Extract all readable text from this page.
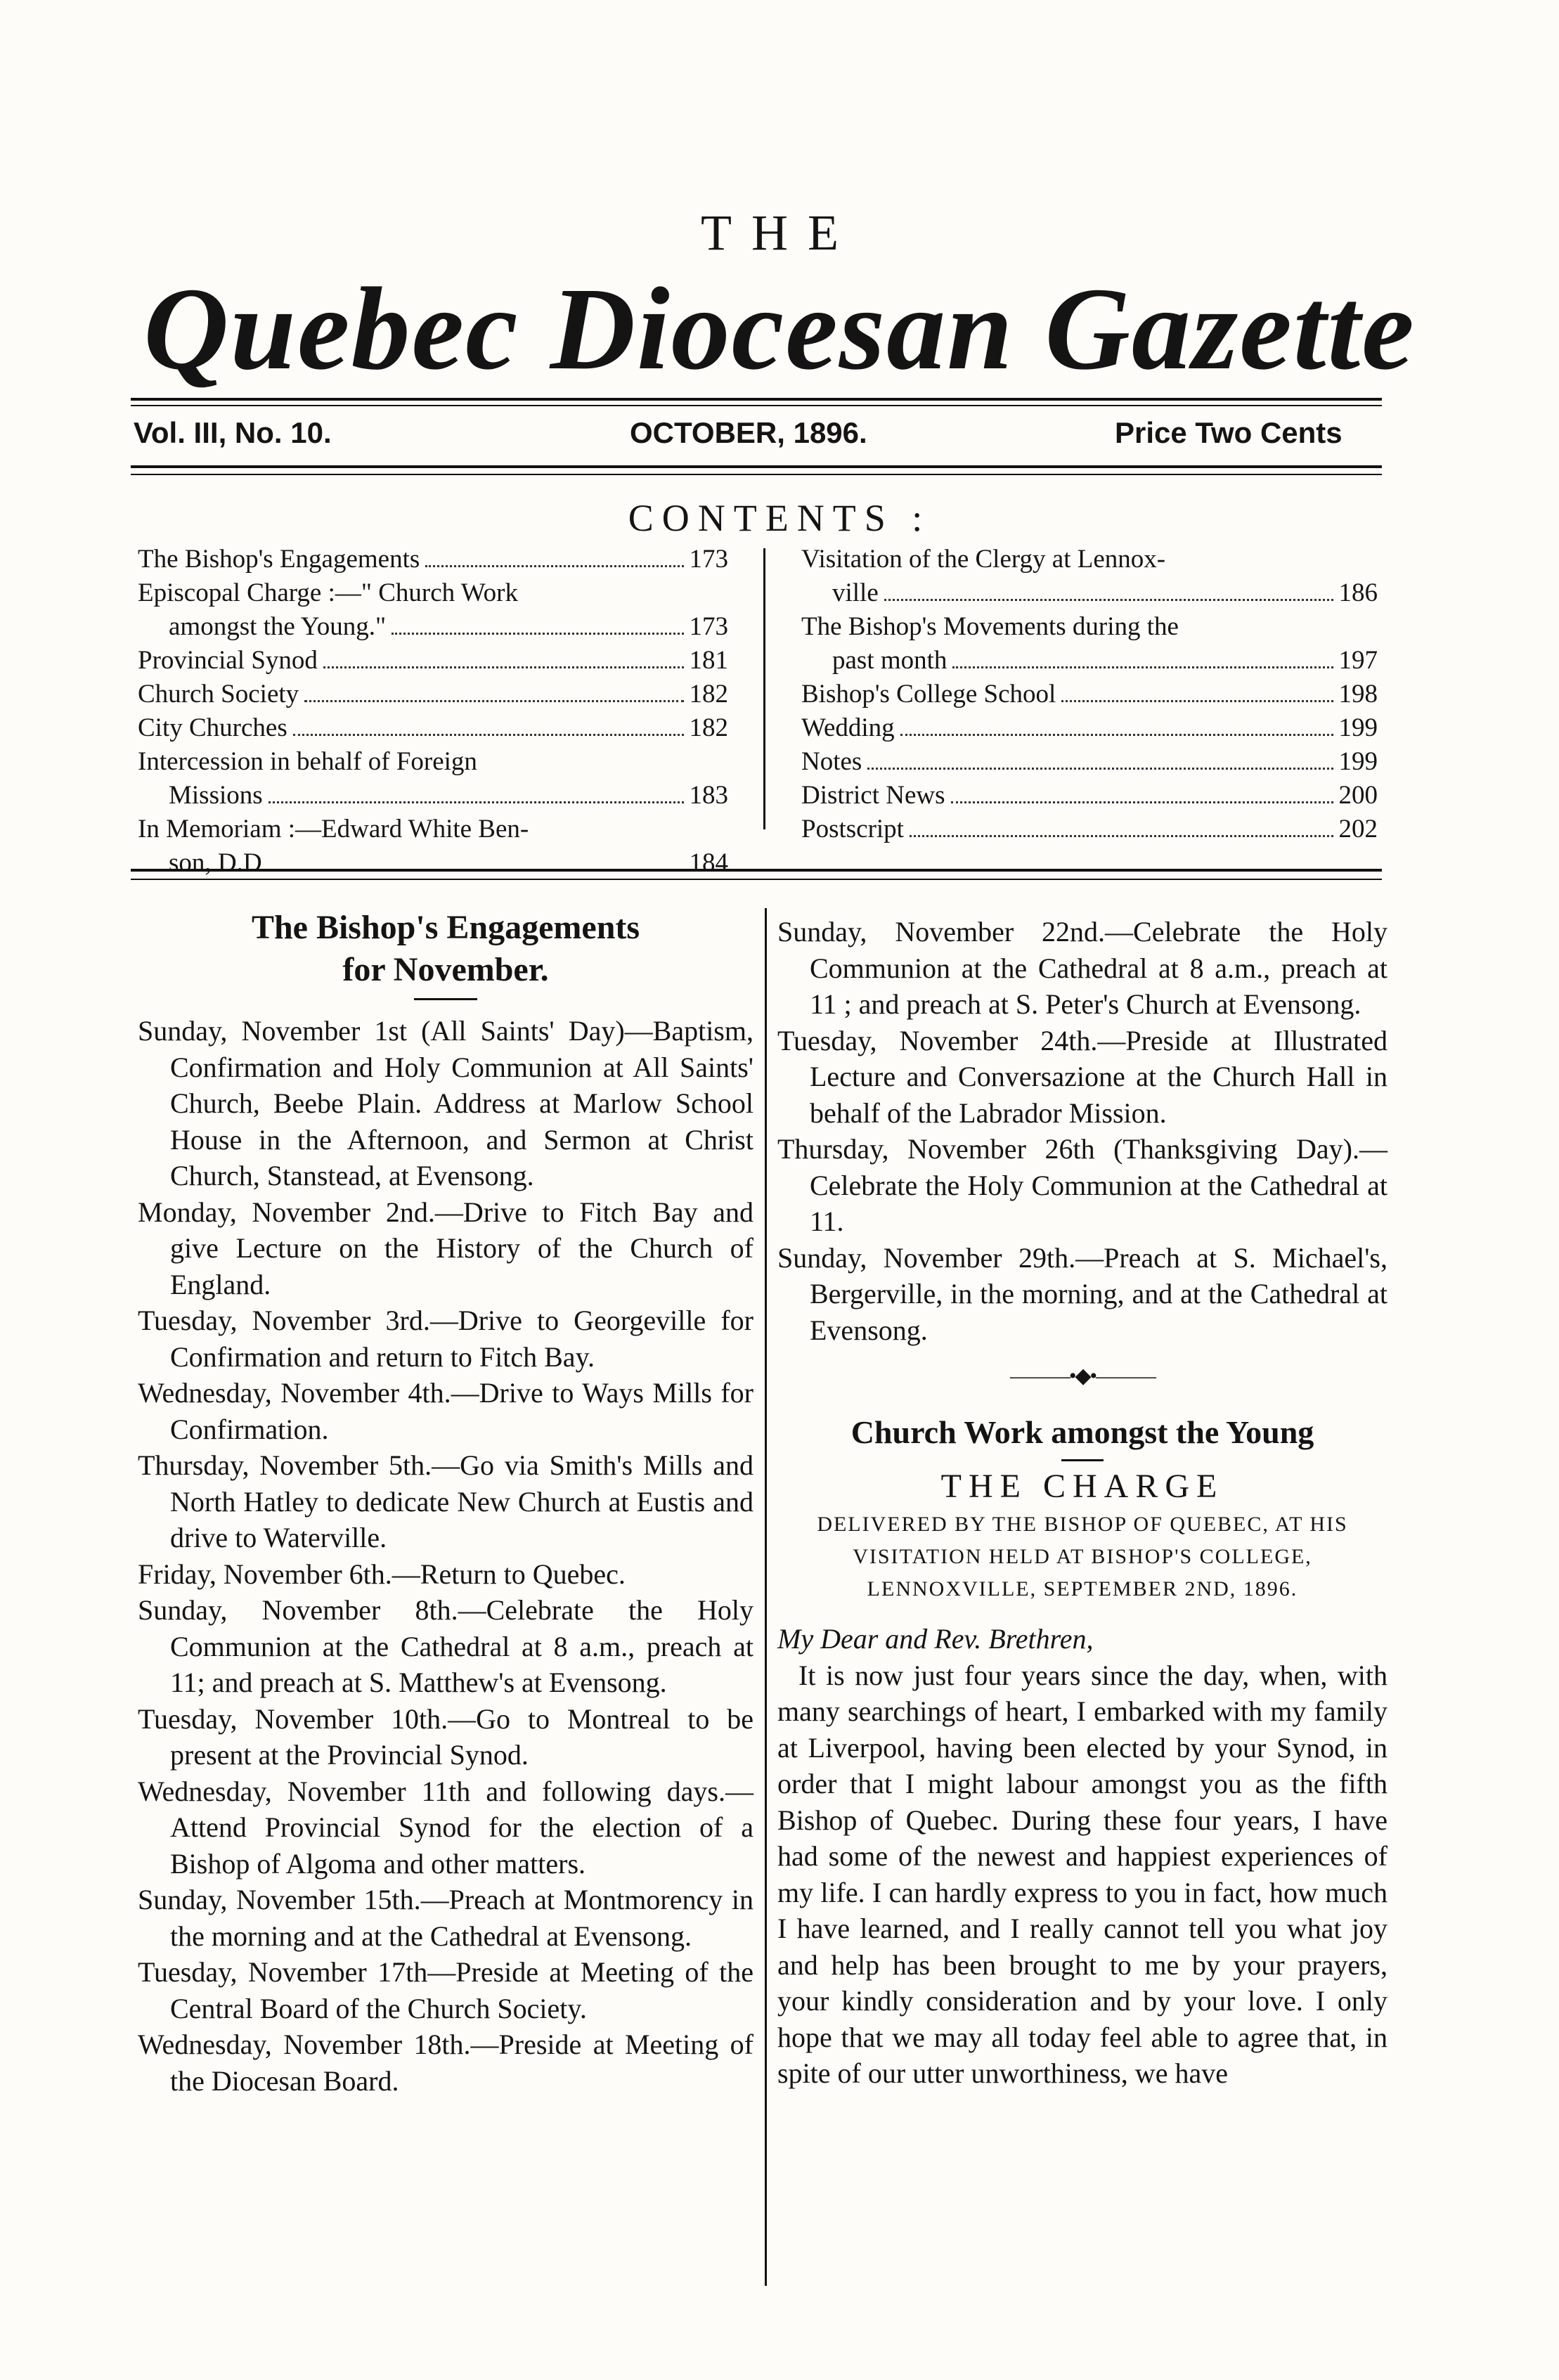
THE
Quebec Diocesan Gazette
Vol. III, No. 10.	OCTOBER, 1896.	Price Two Cents
CONTENTS :
The Bishop's Engagements	173
Episcopal Charge :—" Church Work
amongst the Young."	173
Provincial Synod	181
Church Society	182
City Churches	182
Intercession in behalf of Foreign
Missions	183
In Memoriam :—Edward White Ben-
son, D.D	184
Visitation of the Clergy at Lennox-
ville	186
The Bishop's Movements during the
past month	197
Bishop's College School	198
Wedding	199
Notes	199
District News	200
Postscript	202
The Bishop's Engagements
for November.

Sunday, November 1st (All Saints' Day)—Baptism, Confirmation and Holy Communion at All Saints' Church, Beebe Plain. Address at Marlow School House in the Afternoon, and Sermon at Christ Church, Stanstead, at Evensong.

Monday, November 2nd.—Drive to Fitch Bay and give Lecture on the History of the Church of England.

Tuesday, November 3rd.—Drive to Georgeville for Confirmation and return to Fitch Bay.

Wednesday, November 4th.—Drive to Ways Mills for Confirmation.

Thursday, November 5th.—Go via Smith's Mills and North Hatley to dedicate New Church at Eustis and drive to Waterville.

Friday, November 6th.—Return to Quebec.

Sunday, November 8th.—Celebrate the Holy Communion at the Cathedral at 8 a.m., preach at 11; and preach at S. Matthew's at Evensong.

Tuesday, November 10th.—Go to Montreal to be present at the Provincial Synod.

Wednesday, November 11th and following days.—Attend Provincial Synod for the election of a Bishop of Algoma and other matters.

Sunday, November 15th.—Preach at Montmorency in the morning and at the Cathedral at Evensong.

Tuesday, November 17th—Preside at Meeting of the Central Board of the Church Society.

Wednesday, November 18th.—Preside at Meeting of the Diocesan Board.

Sunday, November 22nd.—Celebrate the Holy Communion at the Cathedral at 8 a.m., preach at 11 ; and preach at S. Peter's Church at Evensong.

Tuesday, November 24th.—Preside at Illustrated Lecture and Conversazione at the Church Hall in behalf of the Labrador Mission.

Thursday, November 26th (Thanksgiving Day).—Celebrate the Holy Communion at the Cathedral at 11.

Sunday, November 29th.—Preach at S. Michael's, Bergerville, in the morning, and at the Cathedral at Evensong.

———•◆•———
Church Work amongst the Young
THE CHARGE
DELIVERED BY THE BISHOP OF QUEBEC, AT HIS VISITATION HELD AT BISHOP'S COLLEGE, LENNOXVILLE, SEPTEMBER 2ND, 1896.

My Dear and Rev. Brethren,

It is now just four years since the day, when, with many searchings of heart, I embarked with my family at Liverpool, having been elected by your Synod, in order that I might labour amongst you as the fifth Bishop of Quebec. During these four years, I have had some of the newest and happiest experiences of my life. I can hardly express to you in fact, how much I have learned, and I really cannot tell you what joy and help has been brought to me by your prayers, your kindly consideration and by your love. I only hope that we may all today feel able to agree that, in spite of our utter unworthiness, we have
